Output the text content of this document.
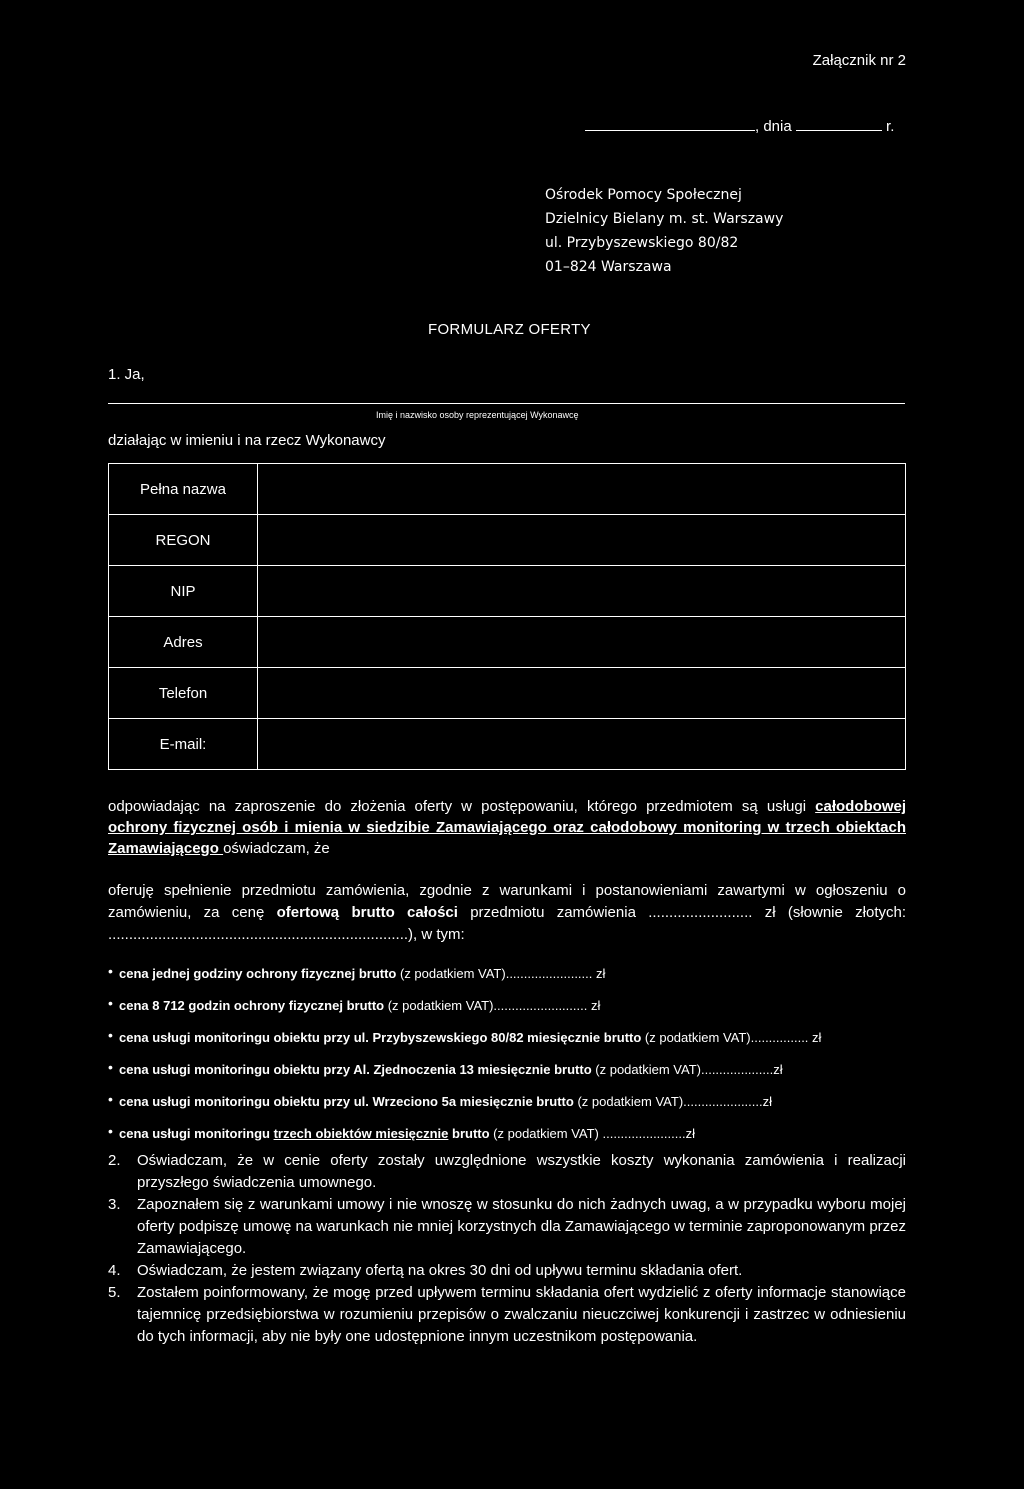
Załącznik nr 2
, dnia	r.
Ośrodek Pomocy Społecznej
Dzielnicy Bielany m. st. Warszawy
ul. Przybyszewskiego 80/82
01–824 Warszawa
FORMULARZ OFERTY
1. Ja,
Imię i nazwisko osoby reprezentującej Wykonawcę
działając w imieniu i na rzecz Wykonawcy
Pełna nazwa	
REGON	
NIP	
Adres	
Telefon	
E-mail:	
odpowiadając na zaproszenie do złożenia oferty w postępowaniu, którego przedmiotem są usługi całodobowej ochrony fizycznej osób i mienia w siedzibie Zamawiającego oraz całodobowy monitoring w trzech obiektach Zamawiającego oświadczam, że
oferuję spełnienie przedmiotu zamówienia, zgodnie z warunkami i postanowieniami zawartymi w ogłoszeniu o zamówieniu, za cenę ofertową brutto całości przedmiotu zamówienia ......................... zł (słownie złotych: ........................................................................), w tym:
• cena jednej godziny ochrony fizycznej brutto (z podatkiem VAT)........................ zł
• cena 8 712 godzin ochrony fizycznej brutto (z podatkiem VAT).......................... zł
• cena usługi monitoringu obiektu przy ul. Przybyszewskiego 80/82 miesięcznie brutto (z podatkiem VAT)................ zł
• cena usługi monitoringu obiektu przy Al. Zjednoczenia 13 miesięcznie brutto (z podatkiem VAT)....................zł
• cena usługi monitoringu obiektu przy ul. Wrzeciono 5a miesięcznie brutto (z podatkiem VAT)......................zł
• cena usługi monitoringu trzech obiektów miesięcznie brutto (z podatkiem VAT) .......................zł
2. Oświadczam, że w cenie oferty zostały uwzględnione wszystkie koszty wykonania zamówienia i realizacji przyszłego świadczenia umownego.
3. Zapoznałem się z warunkami umowy i nie wnoszę w stosunku do nich żadnych uwag, a w przypadku wyboru mojej oferty podpiszę umowę na warunkach nie mniej korzystnych dla Zamawiającego w terminie zaproponowanym przez Zamawiającego.
4. Oświadczam, że jestem związany ofertą na okres 30 dni od upływu terminu składania ofert.
5. Zostałem poinformowany, że mogę przed upływem terminu składania ofert wydzielić z oferty informacje stanowiące tajemnicę przedsiębiorstwa w rozumieniu przepisów o zwalczaniu nieuczciwej konkurencji i zastrzec w odniesieniu do tych informacji, aby nie były one udostępnione innym uczestnikom postępowania.
